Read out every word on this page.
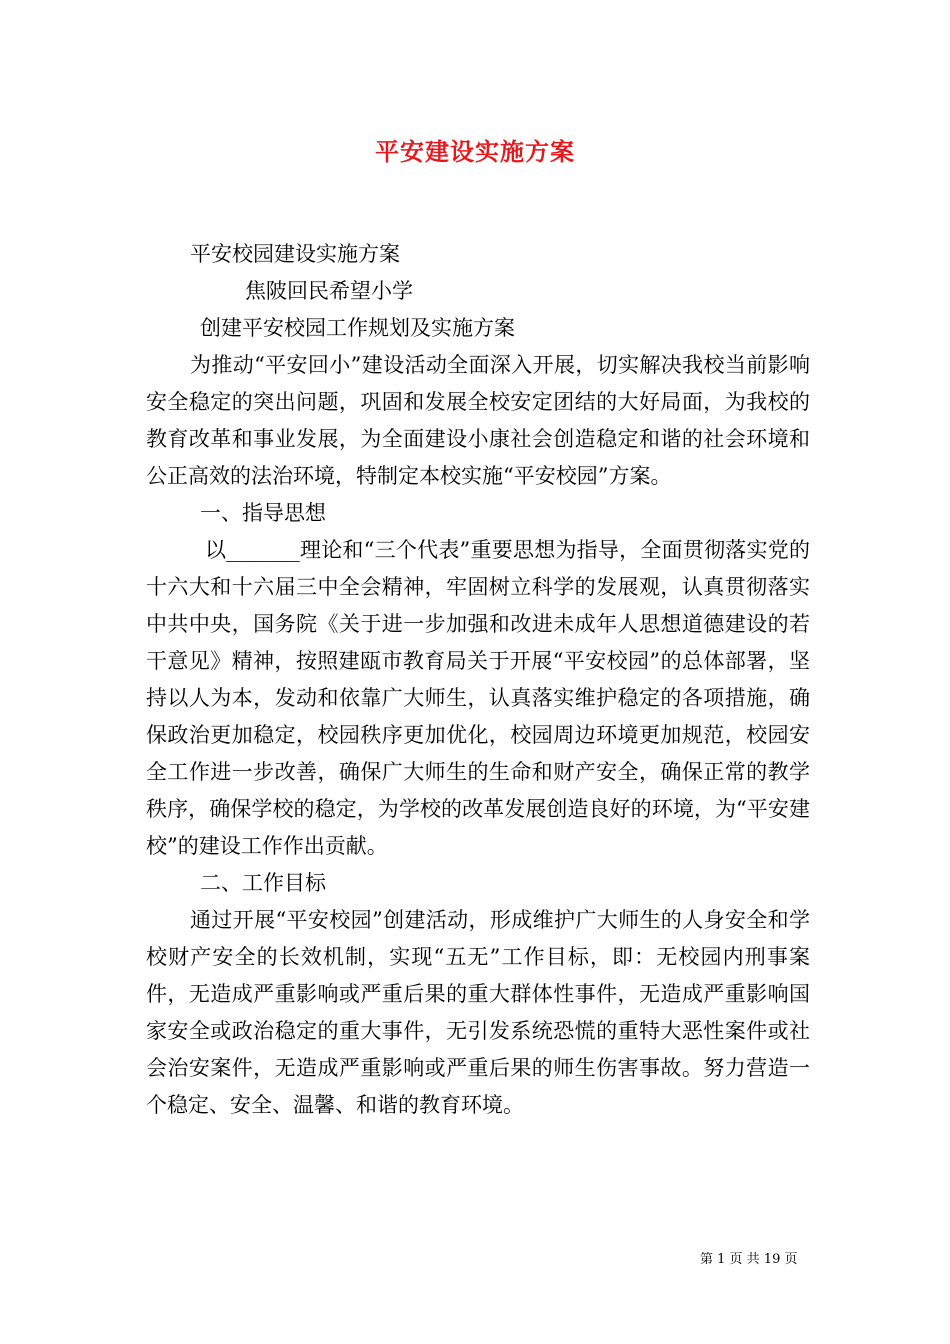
平安建设实施方案
平安校园建设实施方案
焦陂回民希望小学
创建平安校园工作规划及实施方案

为推动“平安回小”建设活动全面深入开展，切实解决我校当前影响安全稳定的突出问题，巩固和发展全校安定团结的大好局面，为我校的教育改革和事业发展，为全面建设小康社会创造稳定和谐的社会环境和公正高效的法治环境，特制定本校实施“平安校园”方案。

一、指导思想

以_______理论和“三个代表”重要思想为指导，全面贯彻落实党的十六大和十六届三中全会精神，牢固树立科学的发展观，认真贯彻落实中共中央，国务院《关于进一步加强和改进未成年人思想道德建设的若干意见》精神，按照建瓯市教育局关于开展“平安校园”的总体部署，坚持以人为本，发动和依靠广大师生，认真落实维护稳定的各项措施，确保政治更加稳定，校园秩序更加优化，校园周边环境更加规范，校园安全工作进一步改善，确保广大师生的生命和财产安全，确保正常的教学秩序，确保学校的稳定，为学校的改革发展创造良好的环境，为“平安建校”的建设工作作出贡献。

二、工作目标

通过开展“平安校园”创建活动，形成维护广大师生的人身安全和学校财产安全的长效机制，实现“五无”工作目标，即：无校园内刑事案件，无造成严重影响或严重后果的重大群体性事件，无造成严重影响国家安全或政治稳定的重大事件，无引发系统恐慌的重特大恶性案件或社会治安案件，无造成严重影响或严重后果的师生伤害事故。努力营造一个稳定、安全、温馨、和谐的教育环境。

第 1 页 共 19 页
